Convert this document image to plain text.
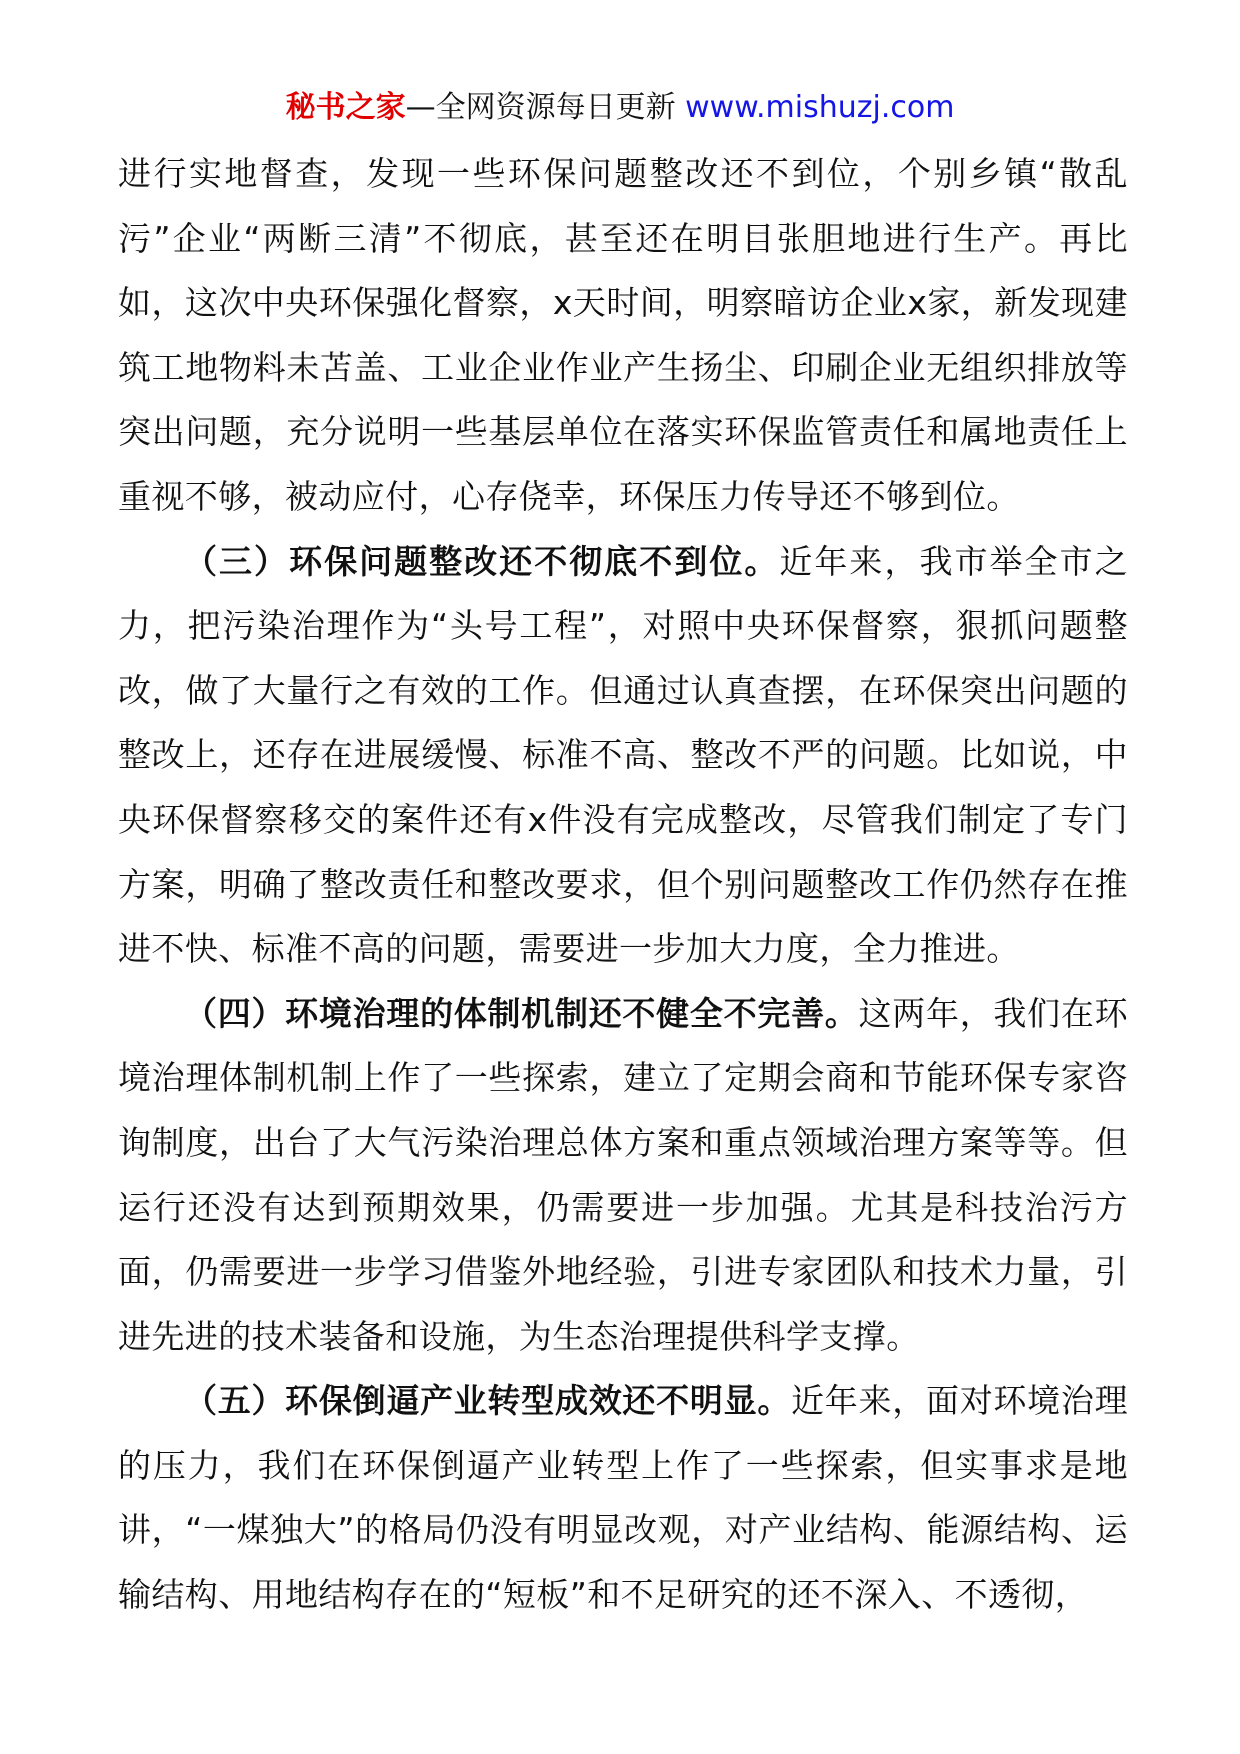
秘书之家—全网资源每日更新 www.mishuzj.com

进行实地督查，发现一些环保问题整改还不到位，个别乡镇“散乱污”企业“两断三清”不彻底，甚至还在明目张胆地进行生产。再比如，这次中央环保强化督察，x天时间，明察暗访企业x家，新发现建筑工地物料未苫盖、工业企业作业产生扬尘、印刷企业无组织排放等突出问题，充分说明一些基层单位在落实环保监管责任和属地责任上重视不够，被动应付，心存侥幸，环保压力传导还不够到位。

（三）环保问题整改还不彻底不到位。近年来，我市举全市之力，把污染治理作为“头号工程”，对照中央环保督察，狠抓问题整改，做了大量行之有效的工作。但通过认真查摆，在环保突出问题的整改上，还存在进展缓慢、标准不高、整改不严的问题。比如说，中央环保督察移交的案件还有x件没有完成整改，尽管我们制定了专门方案，明确了整改责任和整改要求，但个别问题整改工作仍然存在推进不快、标准不高的问题，需要进一步加大力度，全力推进。

（四）环境治理的体制机制还不健全不完善。这两年，我们在环境治理体制机制上作了一些探索，建立了定期会商和节能环保专家咨询制度，出台了大气污染治理总体方案和重点领域治理方案等等。但运行还没有达到预期效果，仍需要进一步加强。尤其是科技治污方面，仍需要进一步学习借鉴外地经验，引进专家团队和技术力量，引进先进的技术装备和设施，为生态治理提供科学支撑。

（五）环保倒逼产业转型成效还不明显。近年来，面对环境治理的压力，我们在环保倒逼产业转型上作了一些探索，但实事求是地讲，“一煤独大”的格局仍没有明显改观，对产业结构、能源结构、运输结构、用地结构存在的“短板”和不足研究的还不深入、不透彻，
